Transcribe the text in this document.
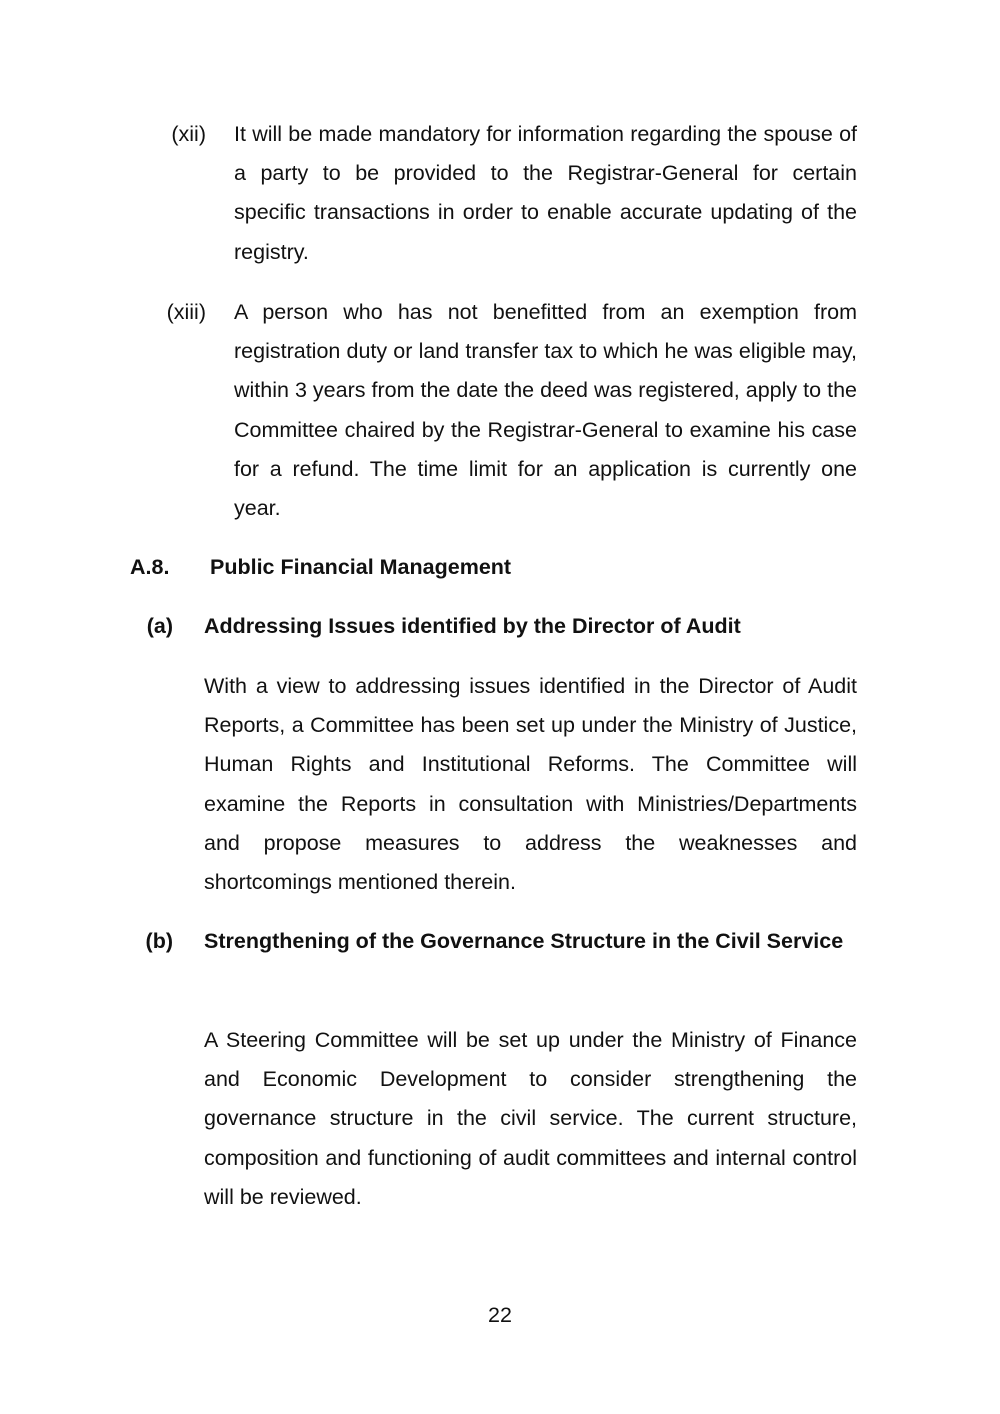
(xii) It will be made mandatory for information regarding the spouse of a party to be provided to the Registrar-General for certain specific transactions in order to enable accurate updating of the registry.

(xiii) A person who has not benefitted from an exemption from registration duty or land transfer tax to which he was eligible may, within 3 years from the date the deed was registered, apply to the Committee chaired by the Registrar-General to examine his case for a refund. The time limit for an application is currently one year.

A.8. Public Financial Management
(a) Addressing Issues identified by the Director of Audit

With a view to addressing issues identified in the Director of Audit Reports, a Committee has been set up under the Ministry of Justice, Human Rights and Institutional Reforms. The Committee will examine the Reports in consultation with Ministries/Departments and propose measures to address the weaknesses and shortcomings mentioned therein.

(b) Strengthening of the Governance Structure in the Civil Service

A Steering Committee will be set up under the Ministry of Finance and Economic Development to consider strengthening the governance structure in the civil service. The current structure, composition and functioning of audit committees and internal control will be reviewed.

22
